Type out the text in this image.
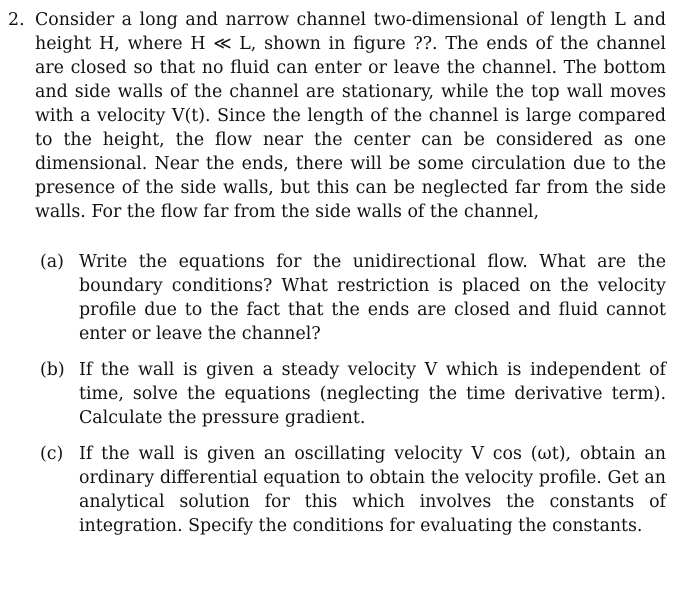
2. Consider a long and narrow channel two-dimensional of length L and height H, where H ≪ L, shown in figure ??. The ends of the channel are closed so that no fluid can enter or leave the channel. The bottom and side walls of the channel are stationary, while the top wall moves with a velocity V(t). Since the length of the channel is large compared to the height, the flow near the center can be considered as one dimensional. Near the ends, there will be some circulation due to the presence of the side walls, but this can be neglected far from the side walls. For the flow far from the side walls of the channel,
(a) Write the equations for the unidirectional flow. What are the boundary conditions? What restriction is placed on the velocity profile due to the fact that the ends are closed and fluid cannot enter or leave the channel?
(b) If the wall is given a steady velocity V which is independent of time, solve the equations (neglecting the time derivative term). Calculate the pressure gradient.
(c) If the wall is given an oscillating velocity V cos (ωt), obtain an ordinary differential equation to obtain the velocity profile. Get an analytical solution for this which involves the constants of integration. Specify the conditions for evaluating the constants.
